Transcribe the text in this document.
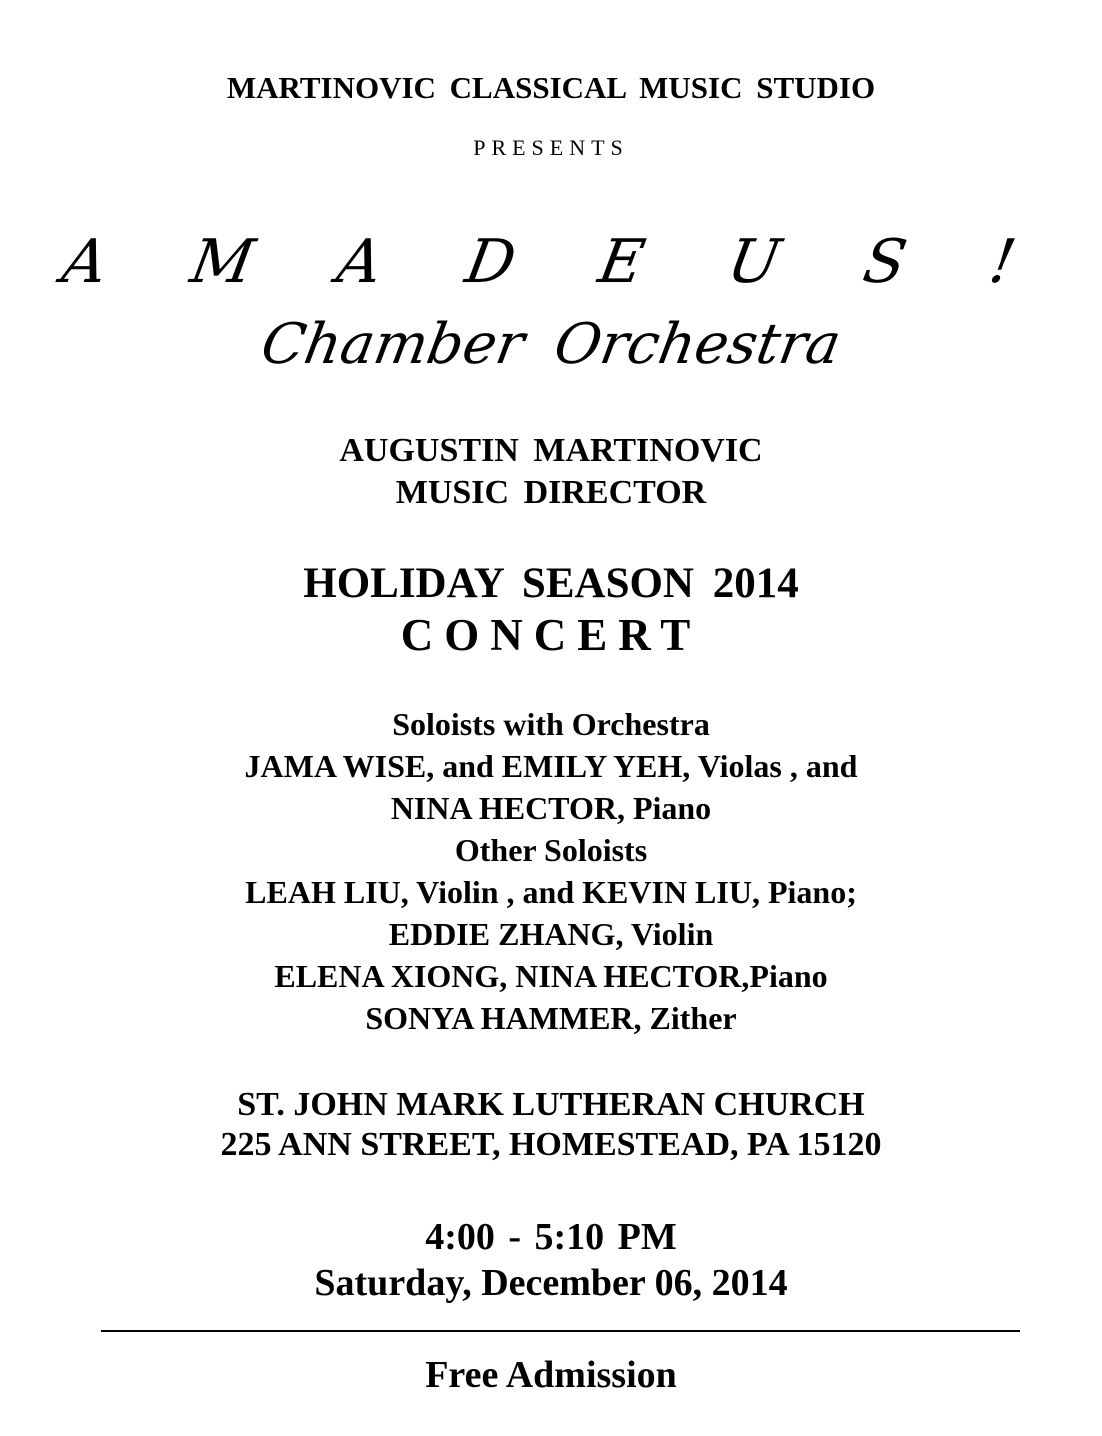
MARTINOVIC CLASSICAL MUSIC STUDIO
PRESENTS
A M A D E U S !
Chamber Orchestra
AUGUSTIN MARTINOVIC
MUSIC DIRECTOR
HOLIDAY SEASON 2014
CONCERT
Soloists with Orchestra
JAMA WISE, and EMILY YEH, Violas , and
NINA HECTOR, Piano
Other Soloists
LEAH LIU, Violin , and KEVIN LIU, Piano;
EDDIE ZHANG, Violin
ELENA XIONG, NINA HECTOR,Piano
SONYA HAMMER, Zither
ST. JOHN MARK LUTHERAN CHURCH
225 ANN STREET, HOMESTEAD, PA 15120
4:00 - 5:10 PM
Saturday, December 06, 2014
Free Admission
